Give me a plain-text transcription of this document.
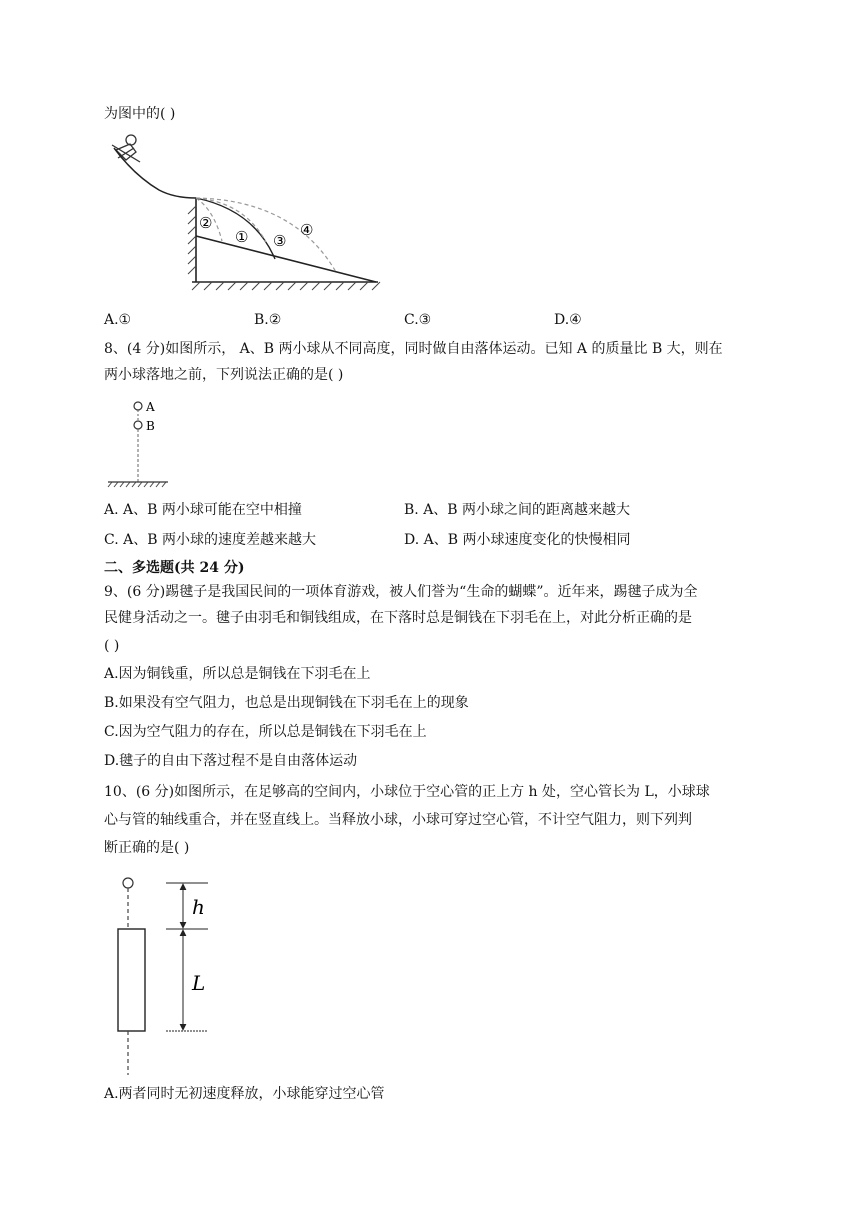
为图中的( )
②
① ③
④
A.①	B.②	C.③	D.④
8、(4 分)如图所示， A、B 两小球从不同高度，同时做自由落体运动。已知 A 的质量比 B 大，则在
两小球落地之前，下列说法正确的是( )
A
B
A. A、B 两小球可能在空中相撞	B. A、B 两小球之间的距离越来越大
C. A、B 两小球的速度差越来越大	D. A、B 两小球速度变化的快慢相同
二、多选题(共 24 分)
9、(6 分)踢毽子是我国民间的一项体育游戏，被人们誉为“生命的蝴蝶”。近年来，踢毽子成为全
民健身活动之一。毽子由羽毛和铜钱组成，在下落时总是铜钱在下羽毛在上，对此分析正确的是
( )
A.因为铜钱重，所以总是铜钱在下羽毛在上
B.如果没有空气阻力，也总是出现铜钱在下羽毛在上的现象
C.因为空气阻力的存在，所以总是铜钱在下羽毛在上
D.毽子的自由下落过程不是自由落体运动
10、(6 分)如图所示，在足够高的空间内，小球位于空心管的正上方 h 处，空心管长为 L，小球球
心与管的轴线重合，并在竖直线上。当释放小球，小球可穿过空心管，不计空气阻力，则下列判
断正确的是( )
h
L
A.两者同时无初速度释放，小球能穿过空心管
